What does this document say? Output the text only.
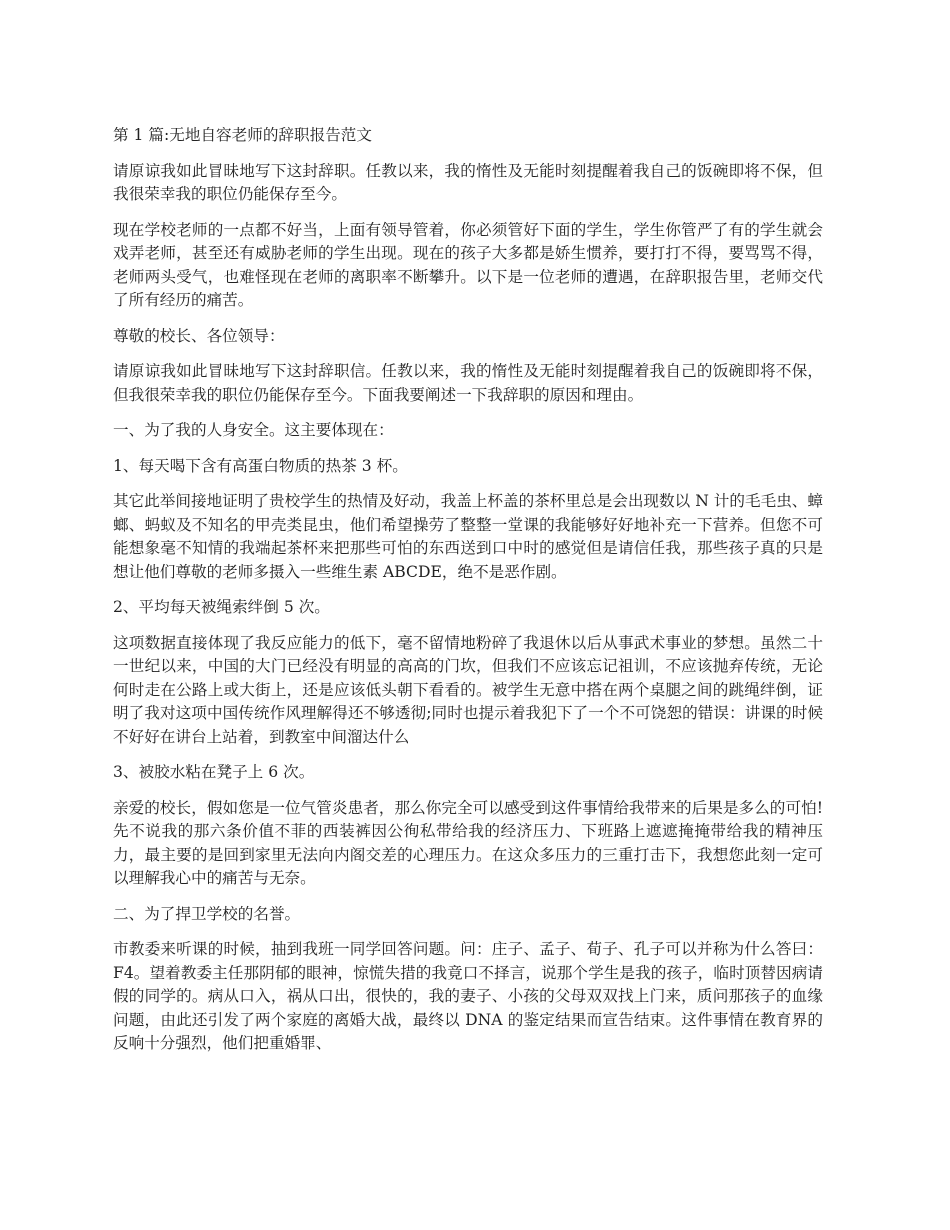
第 1 篇:无地自容老师的辞职报告范文

请原谅我如此冒昧地写下这封辞职。任教以来，我的惰性及无能时刻提醒着我自己的饭碗即将不保，但我很荣幸我的职位仍能保存至今。

现在学校老师的一点都不好当，上面有领导管着，你必须管好下面的学生，学生你管严了有的学生就会戏弄老师，甚至还有威胁老师的学生出现。现在的孩子大多都是娇生惯养，要打打不得，要骂骂不得，老师两头受气，也难怪现在老师的离职率不断攀升。以下是一位老师的遭遇，在辞职报告里，老师交代了所有经历的痛苦。

尊敬的校长、各位领导：

请原谅我如此冒昧地写下这封辞职信。任教以来，我的惰性及无能时刻提醒着我自己的饭碗即将不保，但我很荣幸我的职位仍能保存至今。下面我要阐述一下我辞职的原因和理由。

一、为了我的人身安全。这主要体现在：

1、每天喝下含有高蛋白物质的热茶 3 杯。

其它此举间接地证明了贵校学生的热情及好动，我盖上杯盖的茶杯里总是会出现数以 N 计的毛毛虫、蟑螂、蚂蚁及不知名的甲壳类昆虫，他们希望操劳了整整一堂课的我能够好好地补充一下营养。但您不可能想象毫不知情的我端起茶杯来把那些可怕的东西送到口中时的感觉但是请信任我，那些孩子真的只是想让他们尊敬的老师多摄入一些维生素 ABCDE，绝不是恶作剧。

2、平均每天被绳索绊倒 5 次。

这项数据直接体现了我反应能力的低下，毫不留情地粉碎了我退休以后从事武术事业的梦想。虽然二十一世纪以来，中国的大门已经没有明显的高高的门坎，但我们不应该忘记祖训，不应该抛弃传统，无论何时走在公路上或大街上，还是应该低头朝下看看的。被学生无意中搭在两个桌腿之间的跳绳绊倒，证明了我对这项中国传统作风理解得还不够透彻;同时也提示着我犯下了一个不可饶恕的错误：讲课的时候不好好在讲台上站着，到教室中间溜达什么

3、被胶水粘在凳子上 6 次。

亲爱的校长，假如您是一位气管炎患者，那么你完全可以感受到这件事情给我带来的后果是多么的可怕!先不说我的那六条价值不菲的西装裤因公徇私带给我的经济压力、下班路上遮遮掩掩带给我的精神压力，最主要的是回到家里无法向内阁交差的心理压力。在这众多压力的三重打击下，我想您此刻一定可以理解我心中的痛苦与无奈。

二、为了捍卫学校的名誉。

市教委来听课的时候，抽到我班一同学回答问题。问：庄子、孟子、荀子、孔子可以并称为什么答曰：F4。望着教委主任那阴郁的眼神，惊慌失措的我竟口不择言，说那个学生是我的孩子，临时顶替因病请假的同学的。病从口入，祸从口出，很快的，我的妻子、小孩的父母双双找上门来，质问那孩子的血缘问题，由此还引发了两个家庭的离婚大战，最终以 DNA 的鉴定结果而宣告结束。这件事情在教育界的反响十分强烈，他们把重婚罪、
